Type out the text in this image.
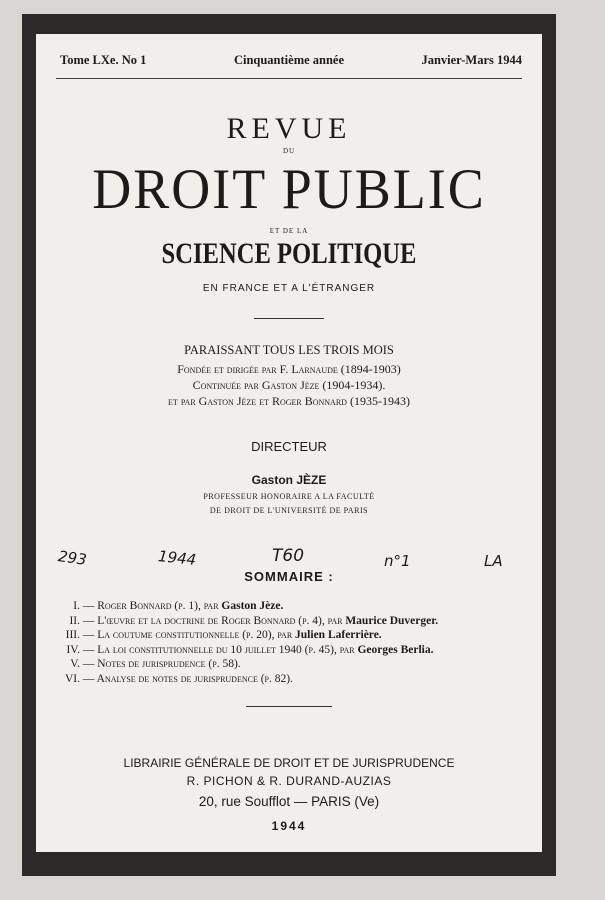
Tome LXe. No 1	Cinquantième année	Janvier-Mars 1944
REVUE
DU
DROIT PUBLIC
ET DE LA
SCIENCE POLITIQUE
EN FRANCE ET A L'ÉTRANGER
PARAISSANT TOUS LES TROIS MOIS
Fondée et dirigée par F. Larnaude (1894-1903)
Continuée par Gaston Jèze (1904-1934).
et par Gaston Jèze et Roger Bonnard (1935-1943)
DIRECTEUR
Gaston JÈZE
PROFESSEUR HONORAIRE A LA FACULTÉ
DE DROIT DE L'UNIVERSITÉ DE PARIS
293	1944	T60	n°1	LA
SOMMAIRE :
I. — Roger Bonnard (p. 1), par Gaston Jèze.
II. — L'œuvre et la doctrine de Roger Bonnard (p. 4), par Maurice Duverger.
III. — La coutume constitutionnelle (p. 20), par Julien Laferrière.
IV. — La loi constitutionnelle du 10 juillet 1940 (p. 45), par Georges Berlia.
V. — Notes de jurisprudence (p. 58).
VI. — Analyse de notes de jurisprudence (p. 82).
LIBRAIRIE GÉNÉRALE DE DROIT ET DE JURISPRUDENCE
R. PICHON & R. DURAND-AUZIAS
20, rue Soufflot — PARIS (Ve)
1944
